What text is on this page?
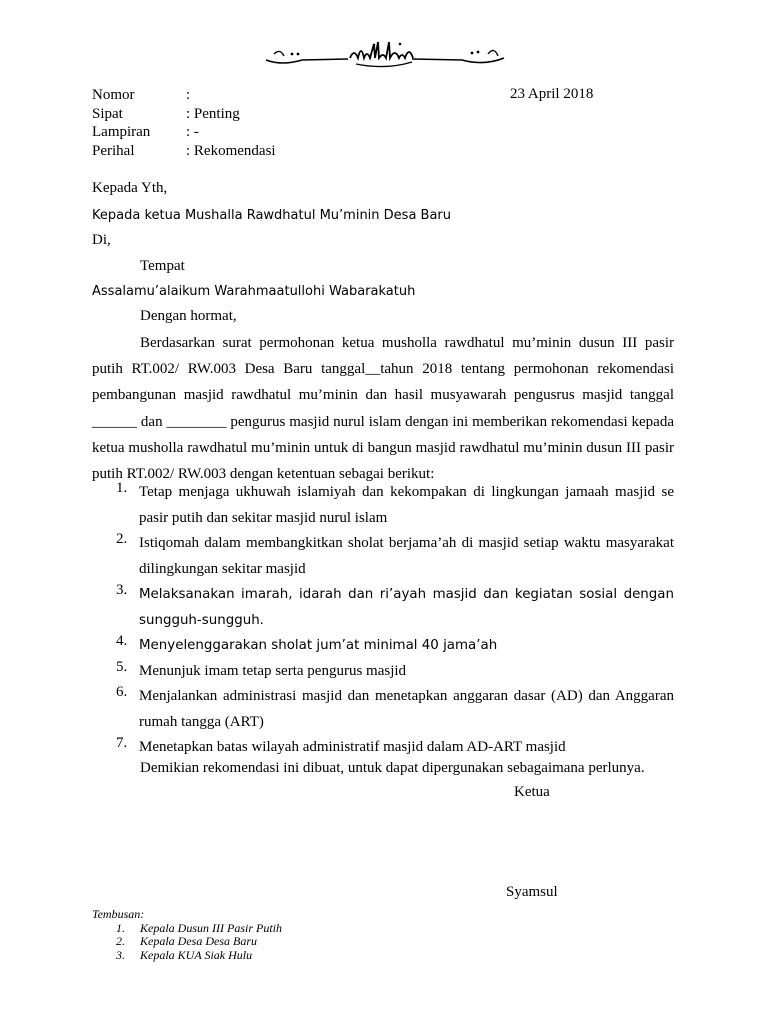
Nomor	:
Sipat	: Penting
Lampiran	: -
Perihal	: Rekomendasi
23 April 2018
Kepada Yth,
Kepada ketua Mushalla Rawdhatul Mu’minin Desa Baru
Di,
Tempat
Assalamu’alaikum Warahmaatullohi Wabarakatuh
Dengan hormat,
Berdasarkan surat permohonan ketua musholla rawdhatul mu’minin dusun III pasir putih RT.002/ RW.003 Desa Baru tanggal__tahun 2018 tentang permohonan rekomendasi pembangunan masjid rawdhatul mu’minin dan hasil musyawarah pengusrus masjid tanggal ______ dan ________ pengurus masjid nurul islam dengan ini memberikan rekomendasi kepada ketua musholla rawdhatul mu’minin untuk di bangun masjid rawdhatul mu’minin dusun III pasir putih RT.002/ RW.003 dengan ketentuan sebagai berikut:
1. Tetap menjaga ukhuwah islamiyah dan kekompakan di lingkungan jamaah masjid se pasir putih dan sekitar masjid nurul islam
2. Istiqomah dalam membangkitkan sholat berjama’ah di masjid setiap waktu masyarakat dilingkungan sekitar masjid
3. Melaksanakan imarah, idarah dan ri’ayah masjid dan kegiatan sosial dengan sungguh-sungguh.
4. Menyelenggarakan sholat jum’at minimal 40 jama’ah
5. Menunjuk imam tetap serta pengurus masjid
6. Menjalankan administrasi masjid dan menetapkan anggaran dasar (AD) dan Anggaran rumah tangga (ART)
7. Menetapkan batas wilayah administratif masjid dalam AD-ART masjid
Demikian rekomendasi ini dibuat, untuk dapat dipergunakan sebagaimana perlunya.
Ketua
Syamsul
Tembusan:
1.	Kepala Dusun III Pasir Putih
2.	Kepala Desa Desa Baru
3.	Kepala KUA Siak Hulu
